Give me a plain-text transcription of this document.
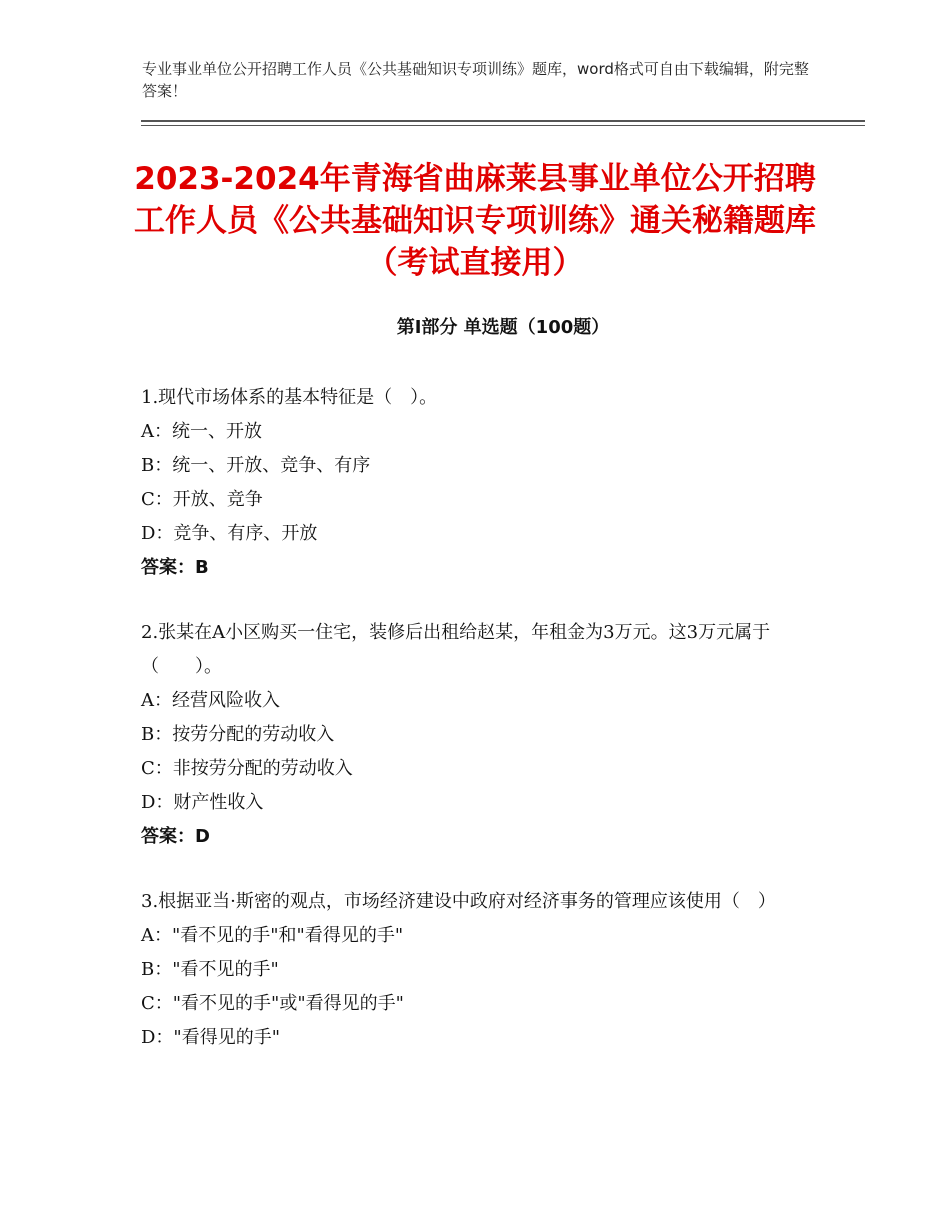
专业事业单位公开招聘工作人员《公共基础知识专项训练》题库，word格式可自由下载编辑，附完整答案！
2023-2024年青海省曲麻莱县事业单位公开招聘工作人员《公共基础知识专项训练》通关秘籍题库（考试直接用）
第Ⅰ部分 单选题（100题）

1.现代市场体系的基本特征是（　）。

A：统一、开放

B：统一、开放、竞争、有序

C：开放、竞争

D：竞争、有序、开放

答案：B

2.张某在A小区购买一住宅，装修后出租给赵某，年租金为3万元。这3万元属于（　　）。

A：经营风险收入

B：按劳分配的劳动收入

C：非按劳分配的劳动收入

D：财产性收入

答案：D

3.根据亚当·斯密的观点，市场经济建设中政府对经济事务的管理应该使用（　）

A："看不见的手"和"看得见的手"

B："看不见的手"

C："看不见的手"或"看得见的手"

D："看得见的手"
